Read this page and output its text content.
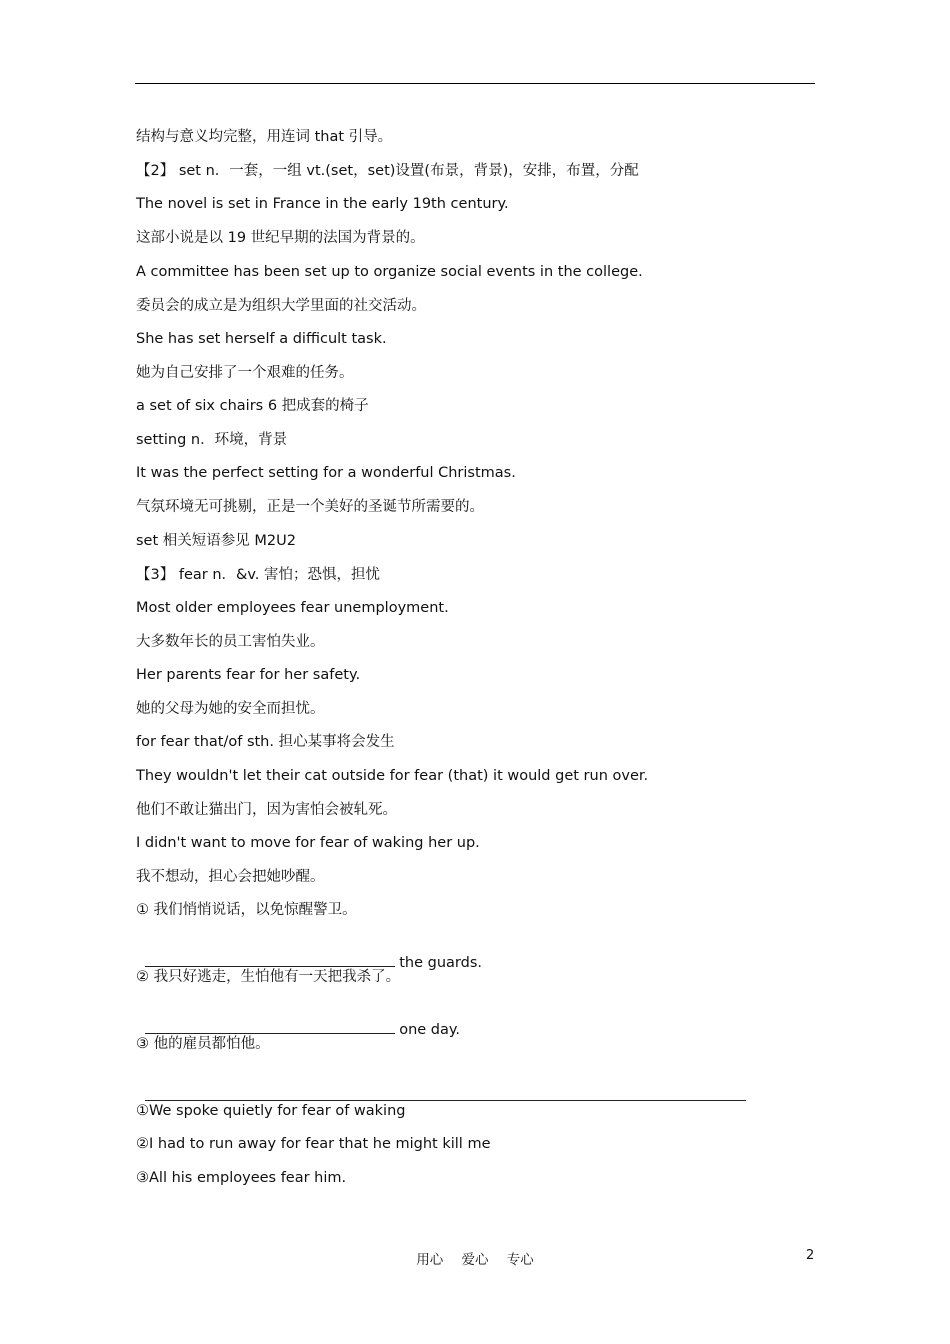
结构与意义均完整，用连词 that 引导。
【2】 set n．一套，一组 vt.(set，set)设置(布景，背景)，安排，布置，分配
The novel is set in France in the early 19th century.
这部小说是以 19 世纪早期的法国为背景的。
A committee has been set up to organize social events in the college.
委员会的成立是为组织大学里面的社交活动。
She has set herself a difficult task.
她为自己安排了一个艰难的任务。
a set of six chairs 6 把成套的椅子
setting n．环境，背景
It was the perfect setting for a wonderful Christmas.
气氛环境无可挑剔，正是一个美好的圣诞节所需要的。
set 相关短语参见 M2U2
【3】 fear n．&v. 害怕；恐惧，担忧
Most older employees fear unemployment.
大多数年长的员工害怕失业。
Her parents fear for her safety.
她的父母为她的安全而担忧。
for fear that/of sth. 担心某事将会发生
They wouldn't let their cat outside for fear (that) it would get run over.
他们不敢让猫出门，因为害怕会被轧死。
I didn't want to move for fear of waking her up.
我不想动，担心会把她吵醒。
① 我们悄悄说话，以免惊醒警卫。

the guards.

② 我只好逃走，生怕他有一天把我杀了。

one day.

③ 他的雇员都怕他。

①We spoke quietly for fear of waking
②I had to run away for fear that he might kill me
③All his employees fear him.
用心 爱心 专心	2
